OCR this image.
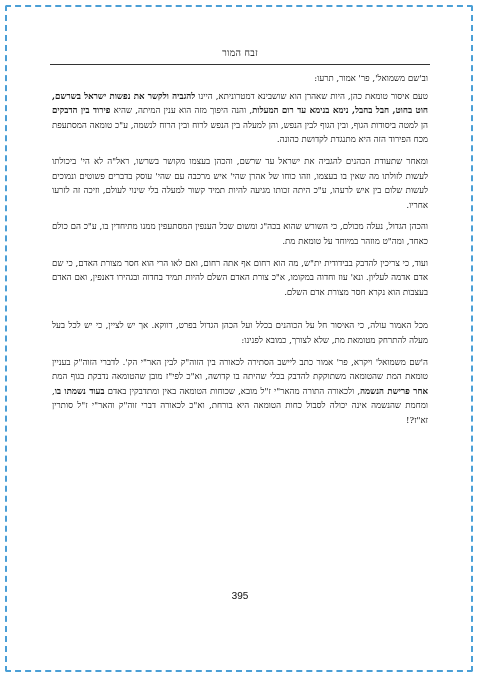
זבח המור

וב'שם משמואל', פר' אמור, תרעו:

טעם איסור טומאת כהן, היות שאהרן הוא שושבינא דמטרוניתא, היינו להגביה ולקשר את נפשות ישראל בשרשם, חוט בחוט, חבל בחבל, נימא בנימא עד רום המעלות, והנה היפוך מזה הוא ענין המיתה, שהיא פירוד בין הדבקים הן למטה ביסודות הגוף, ובין הגוף לבין הנפש, והן למעלה בין הנפש לרוח ובין הרוח לנשמה, ע"כ טומאה המסתעפת מכח הפירוד הזה היא מתנגדת לקדושת כהונה.

ומאחר שתעודת הכהנים להגביה את ישראל עד שרשם, והכהן בעצמו מקושר בשרשו, ראל"ה לא הי' ביכולתו לעשות לזולתו מה שאין בו בעצמו, וזהו כוחו של אהרן שהי' איש מרכבה עם שהי' עוסק בדברים פשוטים ונמוכים לעשות שלום בין איש לרעהו, ע"כ היתה זכותו מגיעה להיות תמיד קשור למעלה בלי שינוי לעולם, וזיכה זה לזרעו אחריו.

והכהן הגדול, נעלה מכולם, כי השורש שהוא בכה"ג ומשום שכל הענפין המסתעפין ממנו מתיחדין בו, ע"כ הם כולם כאחד, ומה"ט מוזהר במיוחד על טומאת מת.

ועוד, כי צריכין להדבק בבידודית ית"ש, מה הוא רחום אף אתה רחום, ואם לאו הרי הוא חסר מצורת האדם, כי שם אדם אדמה לעליון. ונא' עוז וחדוה במקומו, א"כ צורת האדם השלם להיות תמיד בחדוה ובגהירו דאנפין, ואם האדם בעצבות הוא נקרא חסר מצורת אדם השלם.

מכל האמור עולה, כי האיסור חל על הכוהנים בכלל ועל הכהן הגדול בפרט, דווקא. אך יש לציין, כי יש לכל בעל מעלה להתרחק מטומאת מת, שלא לצורך, כמובא לפנינו:

ה'שם משמואל' ויקרא, פר' אמור כתב ליישב הסתירה לכאורה בין הזוה"ק לבין האר"י הק'. לדברי הזוה"ק בעניין טומאת המת שהטומאה משתוקקת להדבק בכלי שהיתה בו קדושה, וא"כ לפי"ז מובן שהטומאה נדבקת בגוף המת אחר פרישת הנשמה, ולכאורה התורה מהאר"י ז"ל מובא, שכוחות הטומאה באין ומתדבקין באדם בעוד נשמתו בו, ומחמת שהנשמה אינה יכולה לסבול כחות הטומאה היא בורחת, וא"כ לכאורה דברי זוה"ק והאר"י ז"ל סותרין זא"ז?!

395
